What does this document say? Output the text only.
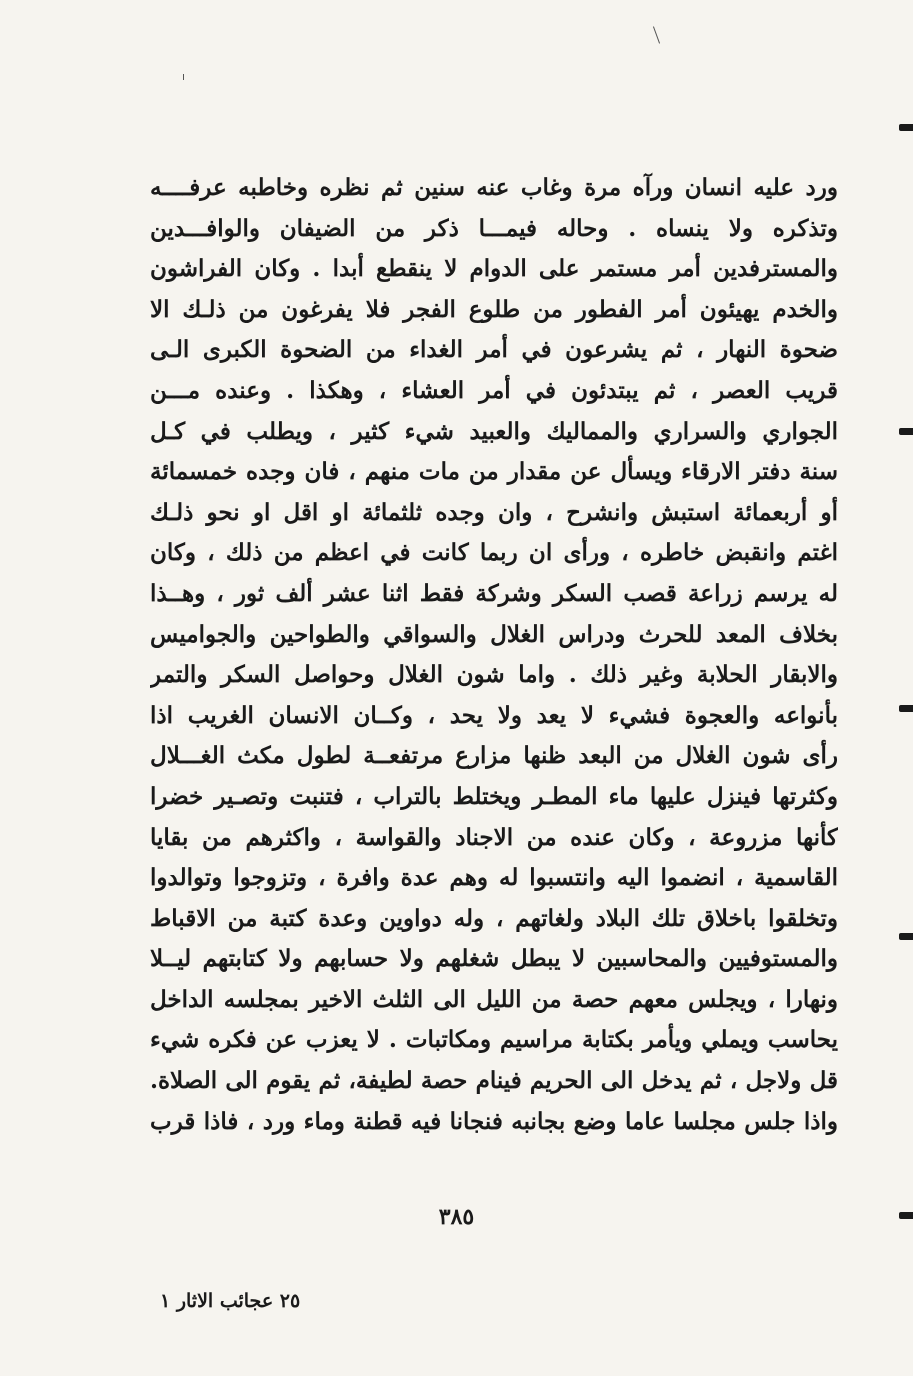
ورد عليه انسان ورآه مرة وغاب عنه سنين ثم نظره وخاطبه عرفــــه
وتذكره ولا ينساه . وحاله فيمـــا ذكر من الضيفان والوافـــدين
والمسترفدين أمر مستمر على الدوام لا ينقطع أبدا . وكان الفراشون
والخدم يهيئون أمر الفطور من طلوع الفجر فلا يفرغون من ذلـك الا
ضحوة النهار ، ثم يشرعون في أمر الغداء من الضحوة الكبرى الـى
قريب العصر ، ثم يبتدئون في أمر العشاء ، وهكذا . وعنده مـــن
الجواري والسراري والمماليك والعبيد شيء كثير ، ويطلب في كـل
سنة دفتر الارقاء ويسأل عن مقدار من مات منهم ، فان وجده خمسمائة
أو أربعمائة استبش وانشرح ، وان وجده ثلثمائة او اقل او نحو ذلـك
اغتم وانقبض خاطره ، ورأى ان ربما كانت في اعظم من ذلك ، وكان
له يرسم زراعة قصب السكر وشركة فقط اثنا عشر ألف ثور ، وهــذا
بخلاف المعد للحرث ودراس الغلال والسواقي والطواحين والجواميس
والابقار الحلابة وغير ذلك . واما شون الغلال وحواصل السكر والتمر
بأنواعه والعجوة فشيء لا يعد ولا يحد ، وكــان الانسان الغريب اذا
رأى شون الغلال من البعد ظنها مزارع مرتفعــة لطول مكث الغـــلال
وكثرتها فينزل عليها ماء المطـر ويختلط بالتراب ، فتنبت وتصـير خضرا
كأنها مزروعة ، وكان عنده من الاجناد والقواسة ، واكثرهم من بقايا
القاسمية ، انضموا اليه وانتسبوا له وهم عدة وافرة ، وتزوجوا وتوالدوا
وتخلقوا باخلاق تلك البلاد ولغاتهم ، وله دواوين وعدة كتبة من الاقباط
والمستوفيين والمحاسبين لا يبطل شغلهم ولا حسابهم ولا كتابتهم ليــلا
ونهارا ، ويجلس معهم حصة من الليل الى الثلث الاخير بمجلسه الداخل
يحاسب ويملي ويأمر بكتابة مراسيم ومكاتبات . لا يعزب عن فكره شيء
قل ولاجل ، ثم يدخل الى الحريم فينام حصة لطيفة، ثم يقوم الى الصلاة.
واذا جلس مجلسا عاما وضع بجانبه فنجانا فيه قطنة وماء ورد ، فاذا قرب
٣٨٥
٢٥ عجائب الاثار ١
